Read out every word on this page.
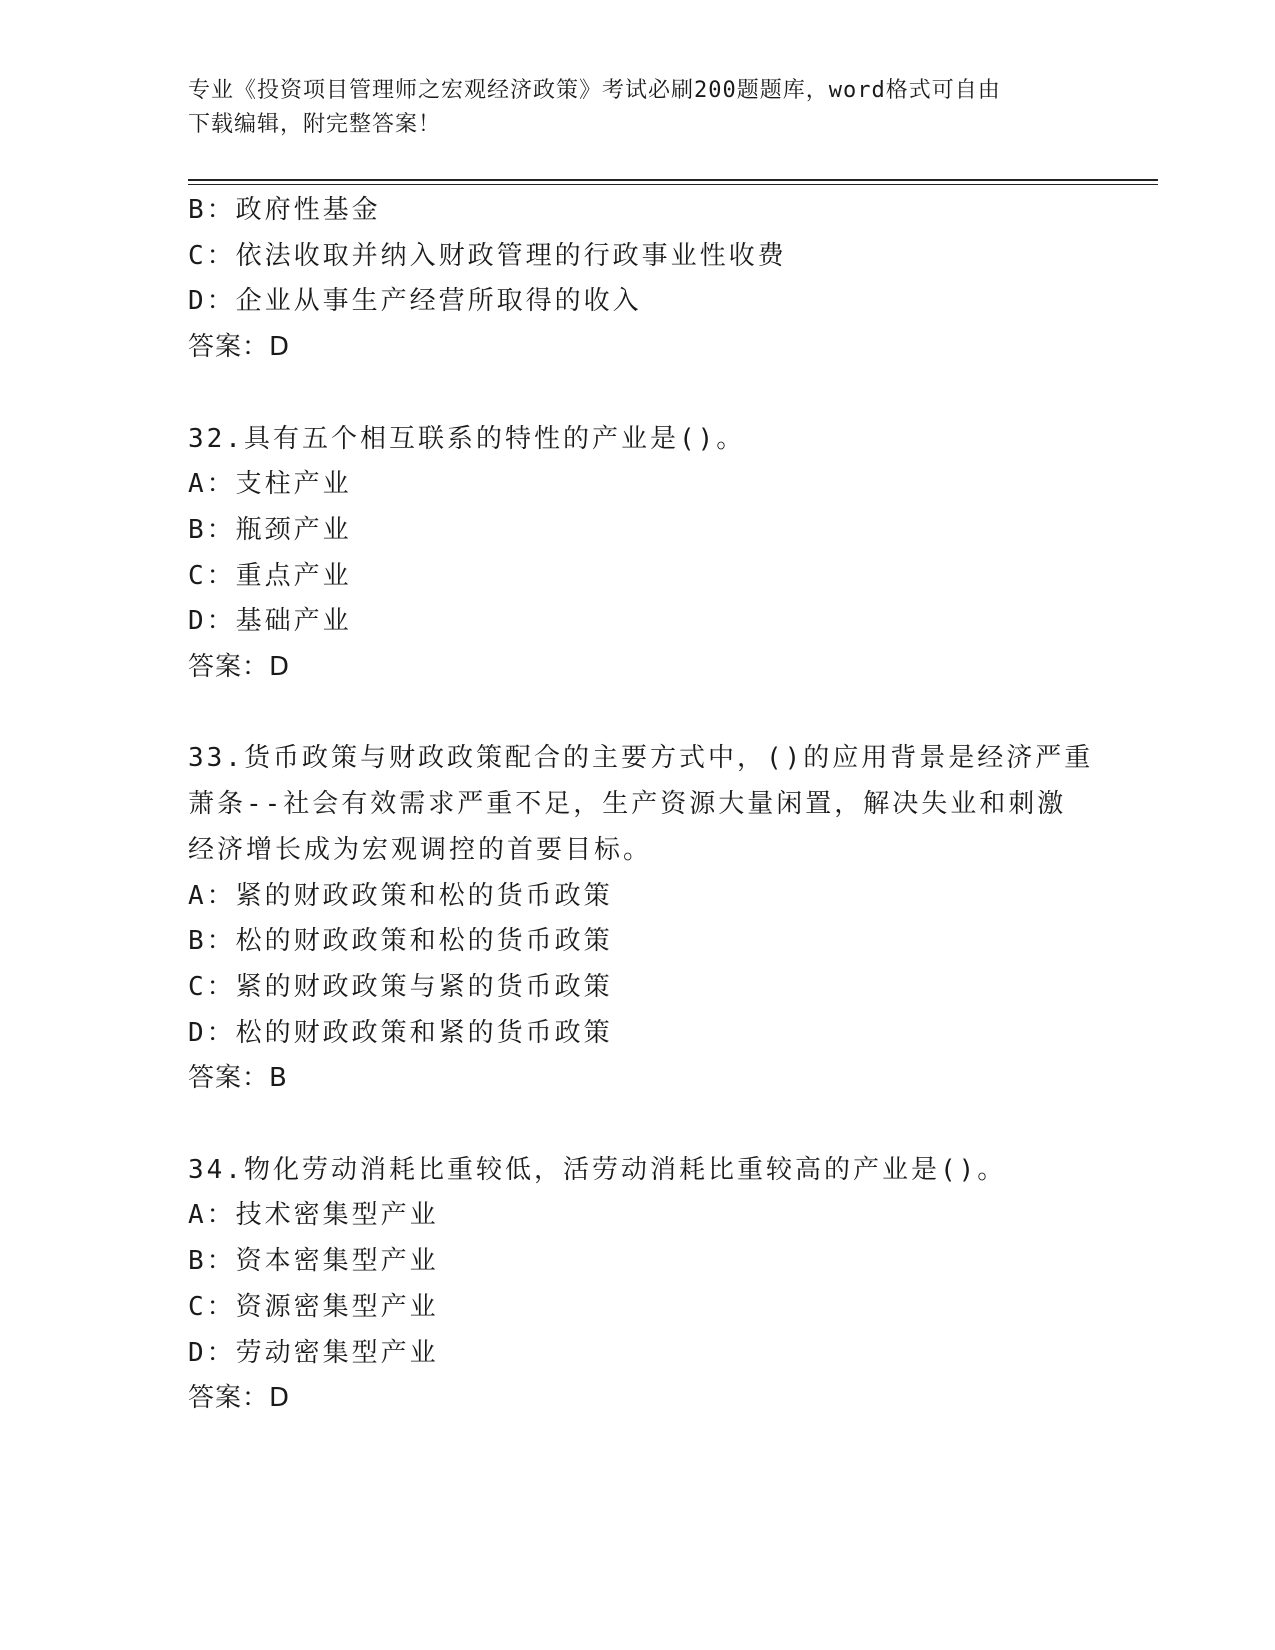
专业《投资项目管理师之宏观经济政策》考试必刷200题题库，word格式可自由
下载编辑，附完整答案！
B：政府性基金
C：依法收取并纳入财政管理的行政事业性收费
D：企业从事生产经营所取得的收入
答案：D
32.具有五个相互联系的特性的产业是()。
A：支柱产业
B：瓶颈产业
C：重点产业
D：基础产业
答案：D
33.货币政策与财政政策配合的主要方式中，()的应用背景是经济严重
萧条--社会有效需求严重不足，生产资源大量闲置，解决失业和刺激
经济增长成为宏观调控的首要目标。
A：紧的财政政策和松的货币政策
B：松的财政政策和松的货币政策
C：紧的财政政策与紧的货币政策
D：松的财政政策和紧的货币政策
答案：B
34.物化劳动消耗比重较低，活劳动消耗比重较高的产业是()。
A：技术密集型产业
B：资本密集型产业
C：资源密集型产业
D：劳动密集型产业
答案：D
